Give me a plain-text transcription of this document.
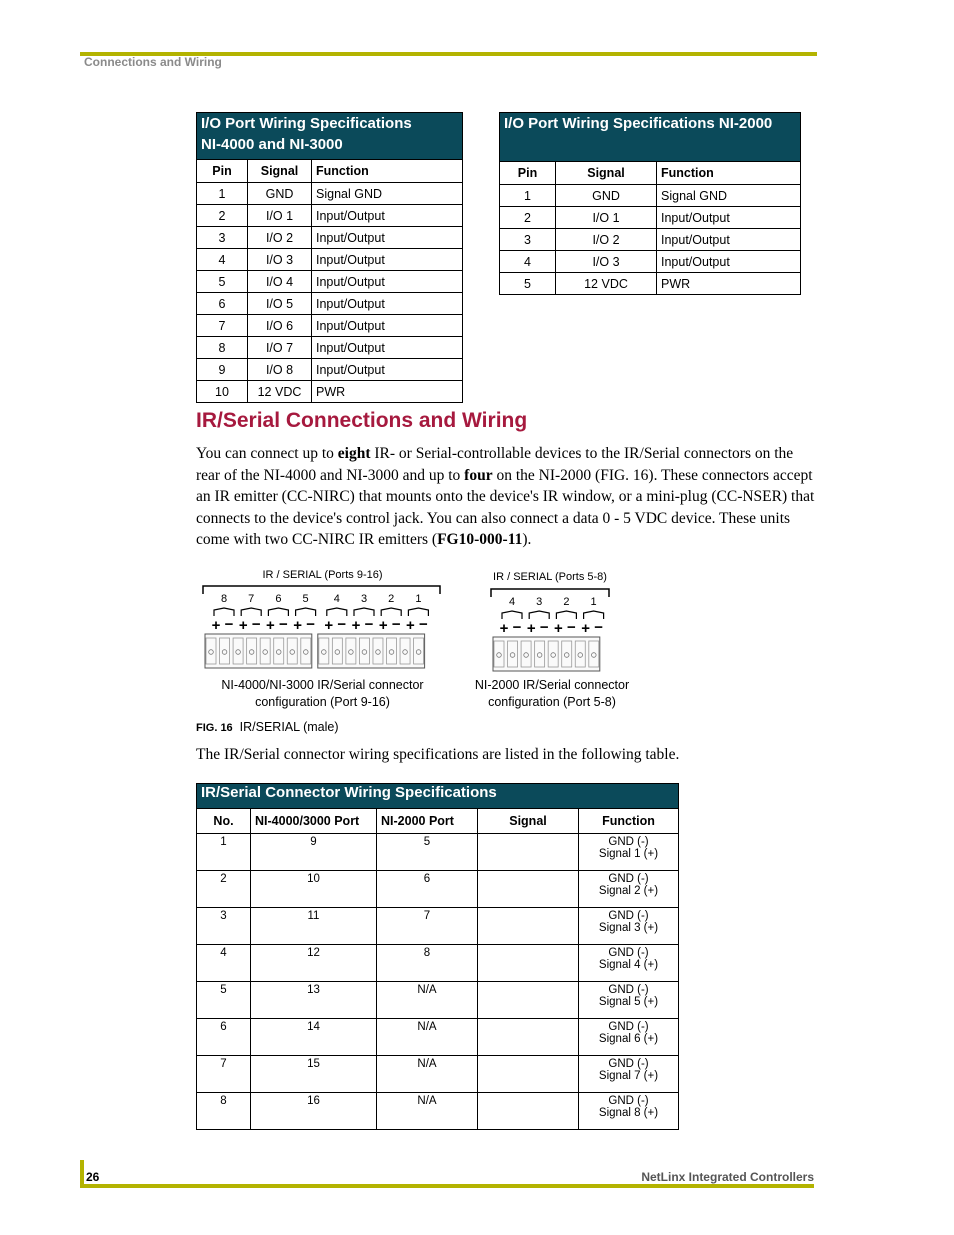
Connections and Wiring
I/O Port Wiring Specifications
NI-4000 and NI-3000		
Pin	Signal	Function
1	GND	Signal GND
2	I/O 1	Input/Output
3	I/O 2	Input/Output
4	I/O 3	Input/Output
5	I/O 4	Input/Output
6	I/O 5	Input/Output
7	I/O 6	Input/Output
8	I/O 7	Input/Output
9	I/O 8	Input/Output
10	12 VDC	PWR
I/O Port Wiring Specifications NI-2000		
Pin	Signal	Function
1	GND	Signal GND
2	I/O 1	Input/Output
3	I/O 2	Input/Output
4	I/O 3	Input/Output
5	12 VDC	PWR
IR/Serial Connections and Wiring
You can connect up to eight IR- or Serial-controllable devices to the IR/Serial connectors on the rear of the NI-4000 and NI-3000 and up to four on the NI-2000 (FIG. 16). These connectors accept an IR emitter (CC-NIRC) that mounts onto the device's IR window, or a mini-plug (CC-NSER) that connects to the device's control jack. You can also connect a data 0 - 5 VDC device. These units come with two CC-NIRC IR emitters (FG10-000-11).
IR / SERIAL (Ports 9-16)
8
+ −
7
+ −
6
+ −
5
+ −
4
+ −
3
+ −
2
+ −
1
+ −
NI-4000/NI-3000 IR/Serial connector
configuration (Port 9-16)
IR / SERIAL (Ports 5-8)
4
+ −
3
+ −
2
+ −
1
+ −
NI-2000 IR/Serial connector
configuration (Port 5-8)
FIG. 16 IR/SERIAL (male)
The IR/Serial connector wiring specifications are listed in the following table.
IR/Serial Connector Wiring Specifications				
No.	NI-4000/3000 Port	NI-2000 Port	Signal	Function
1	9	5		GND (-)
Signal 1 (+)
2	10	6		GND (-)
Signal 2 (+)
3	11	7		GND (-)
Signal 3 (+)
4	12	8		GND (-)
Signal 4 (+)
5	13	N/A		GND (-)
Signal 5 (+)
6	14	N/A		GND (-)
Signal 6 (+)
7	15	N/A		GND (-)
Signal 7 (+)
8	16	N/A		GND (-)
Signal 8 (+)
26	NetLinx Integrated Controllers
